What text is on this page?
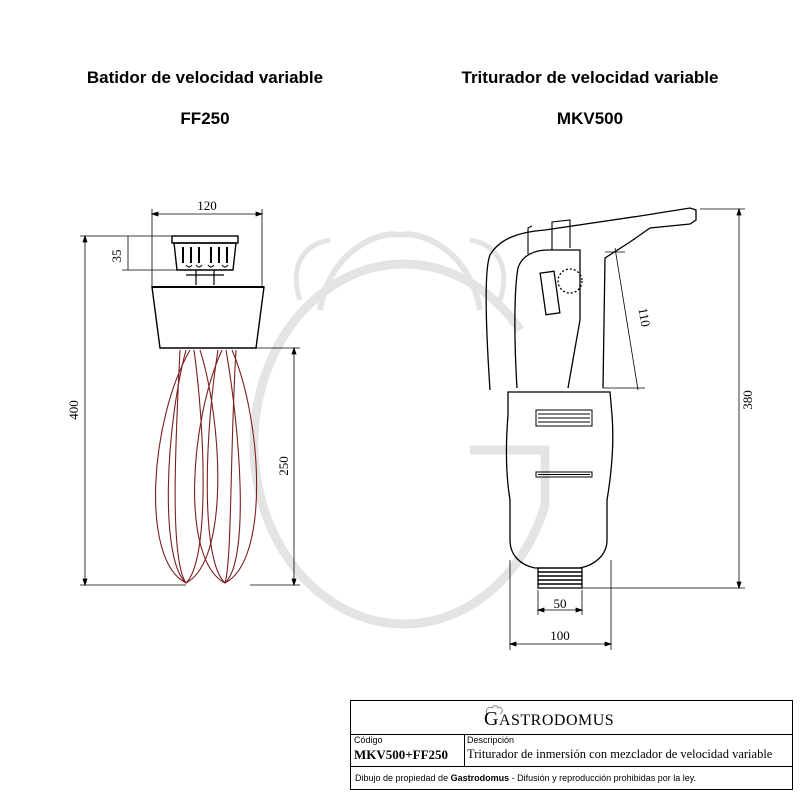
Batidor de velocidad variable
FF250
Triturador de velocidad variable
MKV500
120
35
400
250
380
110
50
100
GASTRODOMUS
Código
MKV500+FF250
Descripción
Triturador de inmersión con mezclador de velocidad variable
Dibujo de propiedad de Gastrodomus - Difusión y reproducción prohibidas por la ley.
